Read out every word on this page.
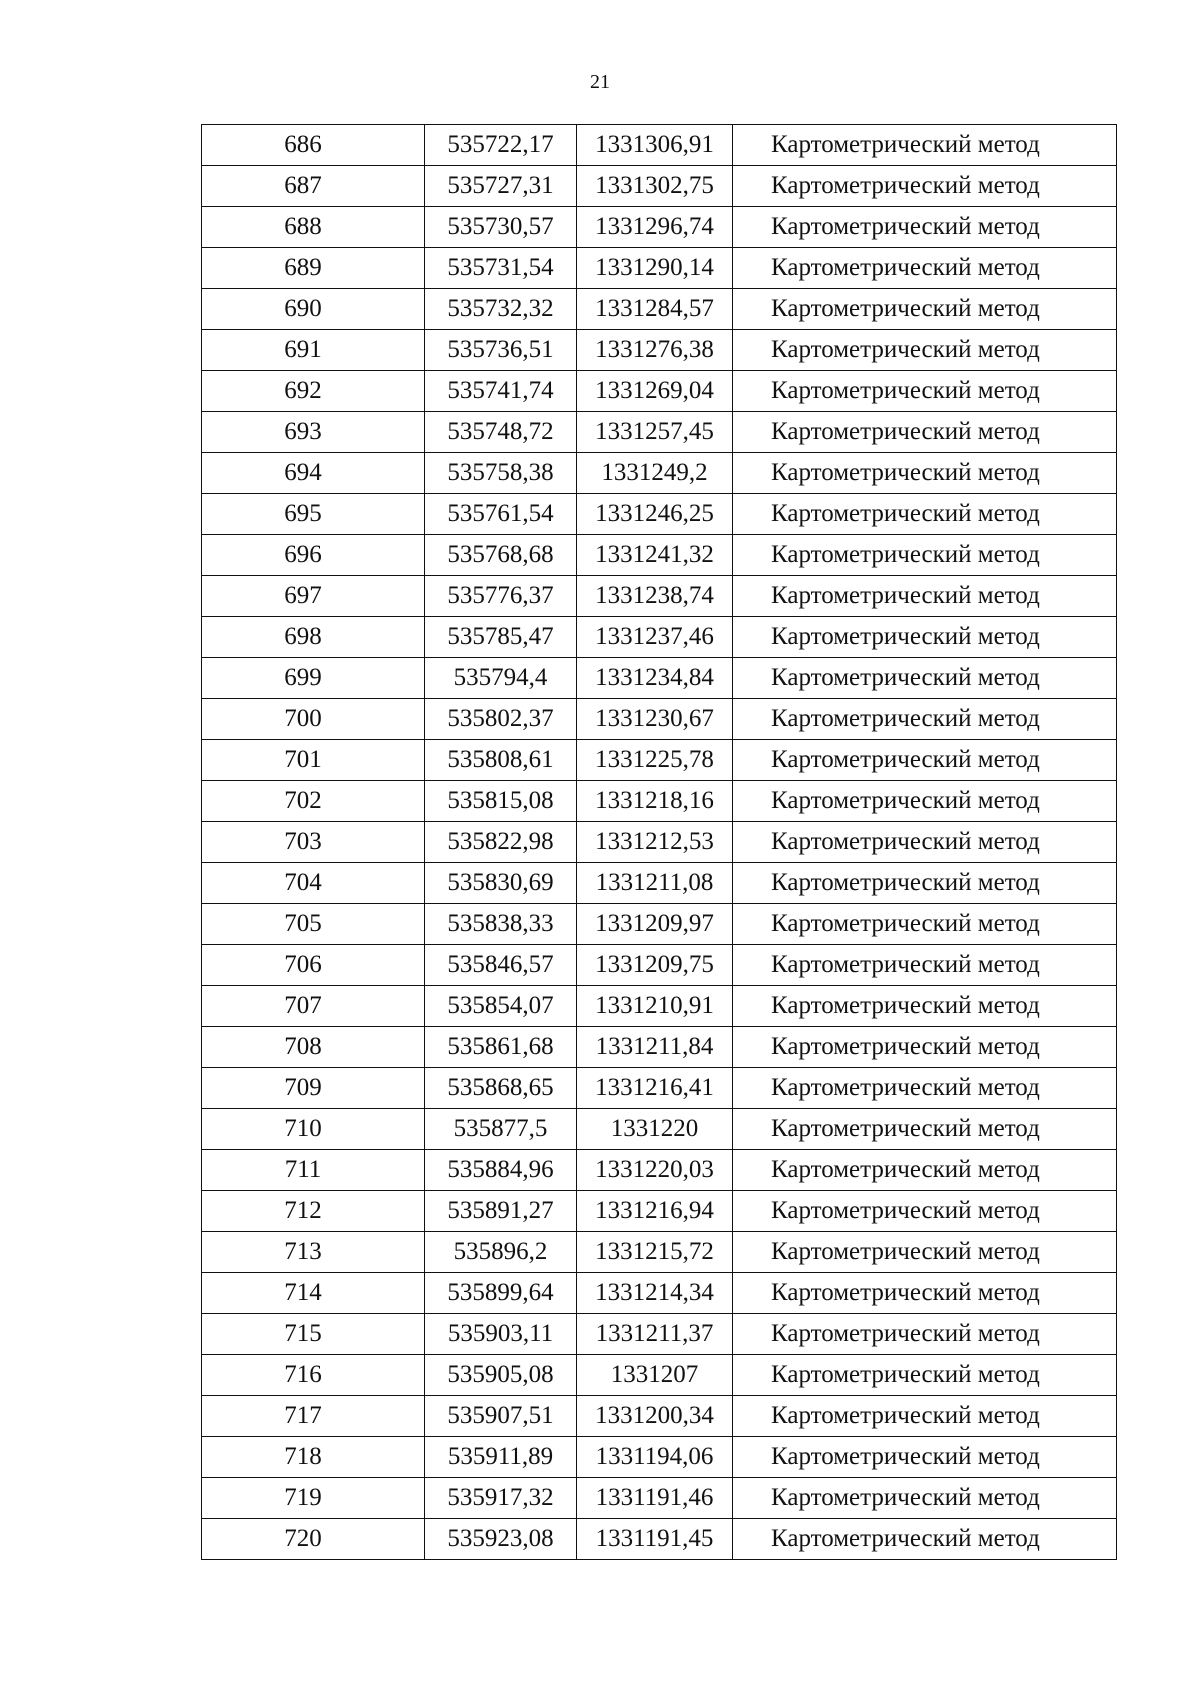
21
686	535722,17	1331306,91	Картометрический метод
687	535727,31	1331302,75	Картометрический метод
688	535730,57	1331296,74	Картометрический метод
689	535731,54	1331290,14	Картометрический метод
690	535732,32	1331284,57	Картометрический метод
691	535736,51	1331276,38	Картометрический метод
692	535741,74	1331269,04	Картометрический метод
693	535748,72	1331257,45	Картометрический метод
694	535758,38	1331249,2	Картометрический метод
695	535761,54	1331246,25	Картометрический метод
696	535768,68	1331241,32	Картометрический метод
697	535776,37	1331238,74	Картометрический метод
698	535785,47	1331237,46	Картометрический метод
699	535794,4	1331234,84	Картометрический метод
700	535802,37	1331230,67	Картометрический метод
701	535808,61	1331225,78	Картометрический метод
702	535815,08	1331218,16	Картометрический метод
703	535822,98	1331212,53	Картометрический метод
704	535830,69	1331211,08	Картометрический метод
705	535838,33	1331209,97	Картометрический метод
706	535846,57	1331209,75	Картометрический метод
707	535854,07	1331210,91	Картометрический метод
708	535861,68	1331211,84	Картометрический метод
709	535868,65	1331216,41	Картометрический метод
710	535877,5	1331220	Картометрический метод
711	535884,96	1331220,03	Картометрический метод
712	535891,27	1331216,94	Картометрический метод
713	535896,2	1331215,72	Картометрический метод
714	535899,64	1331214,34	Картометрический метод
715	535903,11	1331211,37	Картометрический метод
716	535905,08	1331207	Картометрический метод
717	535907,51	1331200,34	Картометрический метод
718	535911,89	1331194,06	Картометрический метод
719	535917,32	1331191,46	Картометрический метод
720	535923,08	1331191,45	Картометрический метод
